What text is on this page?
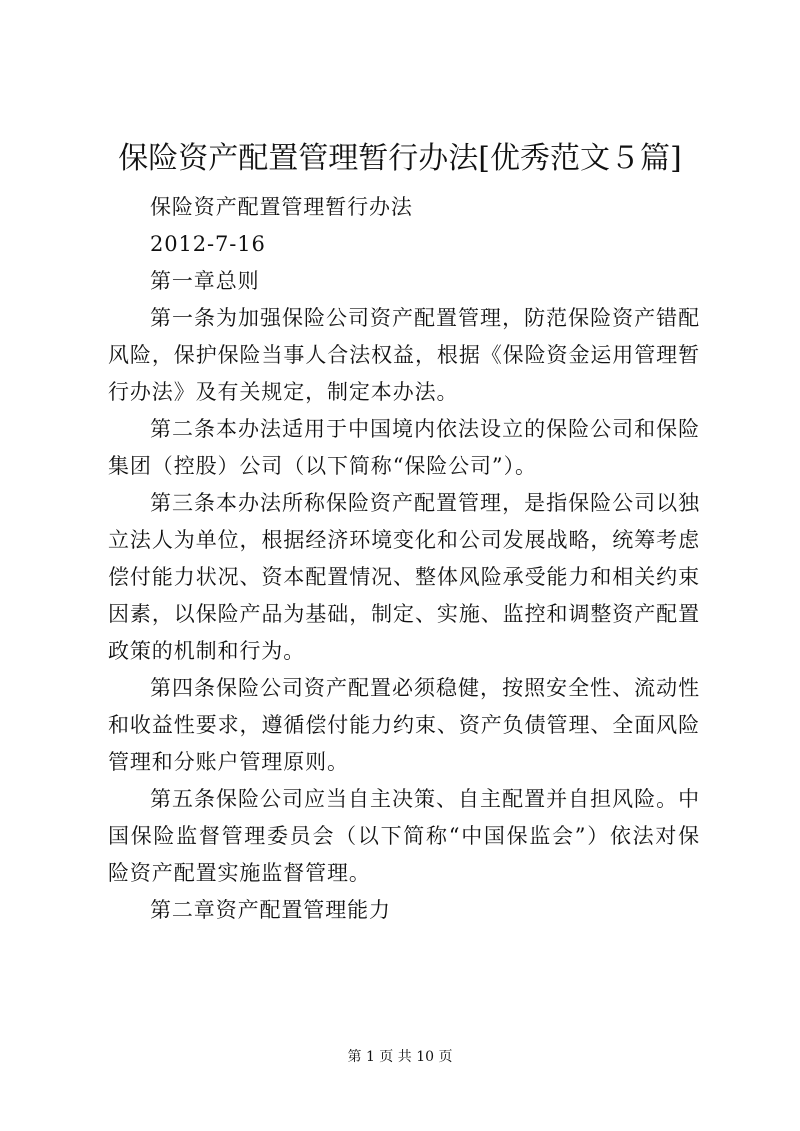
保险资产配置管理暂行办法[优秀范文５篇]

保险资产配置管理暂行办法

2012-7-16

第一章总则

第一条为加强保险公司资产配置管理，防范保险资产错配风险，保护保险当事人合法权益，根据《保险资金运用管理暂行办法》及有关规定，制定本办法。

第二条本办法适用于中国境内依法设立的保险公司和保险集团（控股）公司（以下简称“保险公司”）。

第三条本办法所称保险资产配置管理，是指保险公司以独立法人为单位，根据经济环境变化和公司发展战略，统筹考虑偿付能力状况、资本配置情况、整体风险承受能力和相关约束因素，以保险产品为基础，制定、实施、监控和调整资产配置政策的机制和行为。

第四条保险公司资产配置必须稳健，按照安全性、流动性和收益性要求，遵循偿付能力约束、资产负债管理、全面风险管理和分账户管理原则。

第五条保险公司应当自主决策、自主配置并自担风险。中国保险监督管理委员会（以下简称“中国保监会”）依法对保险资产配置实施监督管理。

第二章资产配置管理能力

第 1 页 共 10 页
